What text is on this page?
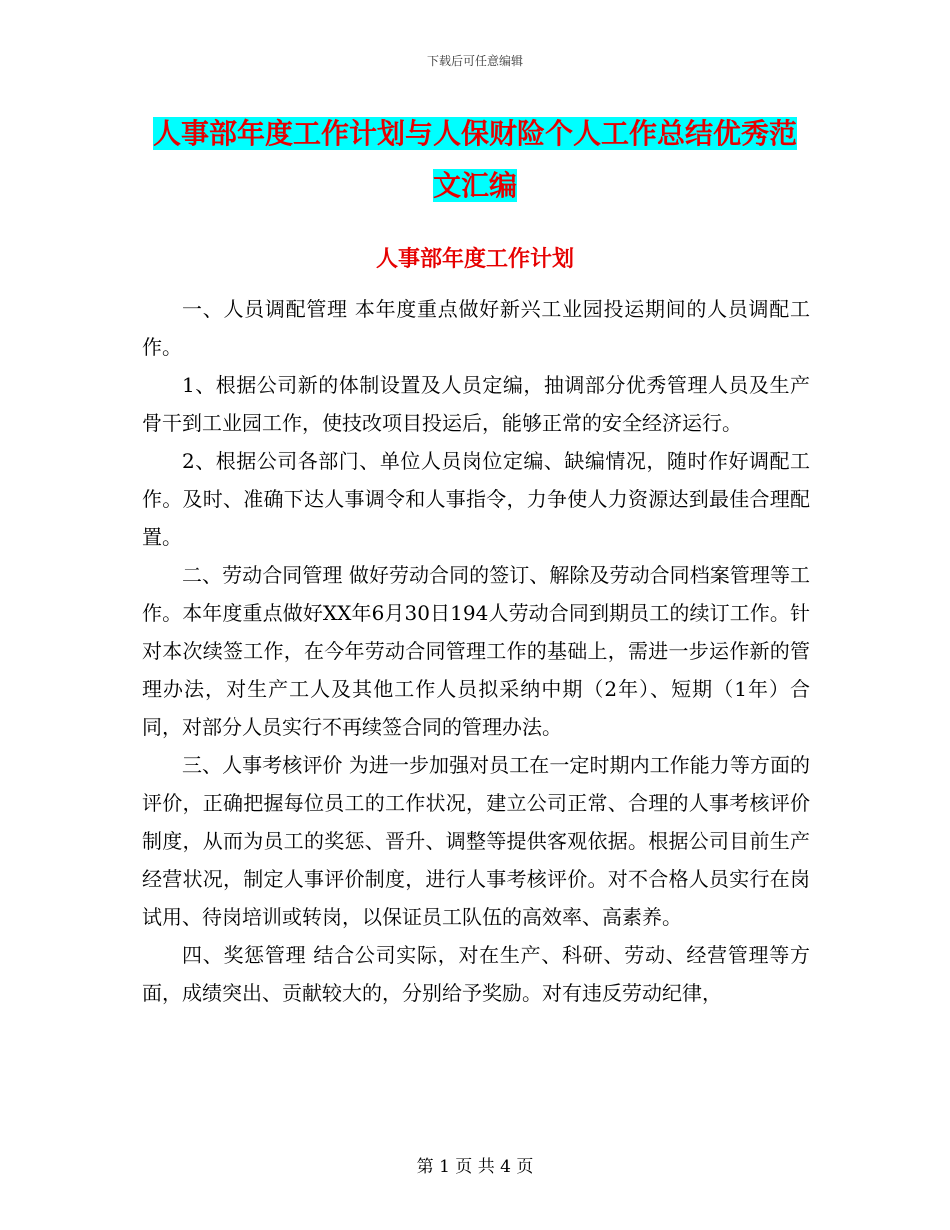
下载后可任意编辑
人事部年度工作计划与人保财险个人工作总结优秀范文汇编
人事部年度工作计划

一、人员调配管理 本年度重点做好新兴工业园投运期间的人员调配工作。

1、根据公司新的体制设置及人员定编，抽调部分优秀管理人员及生产骨干到工业园工作，使技改项目投运后，能够正常的安全经济运行。

2、根据公司各部门、单位人员岗位定编、缺编情况，随时作好调配工作。及时、准确下达人事调令和人事指令，力争使人力资源达到最佳合理配置。

二、劳动合同管理 做好劳动合同的签订、解除及劳动合同档案管理等工作。本年度重点做好XX年6月30日194人劳动合同到期员工的续订工作。针对本次续签工作，在今年劳动合同管理工作的基础上，需进一步运作新的管理办法，对生产工人及其他工作人员拟采纳中期（2年）、短期（1年）合同，对部分人员实行不再续签合同的管理办法。

三、人事考核评价 为进一步加强对员工在一定时期内工作能力等方面的评价，正确把握每位员工的工作状况，建立公司正常、合理的人事考核评价制度，从而为员工的奖惩、晋升、调整等提供客观依据。根据公司目前生产经营状况，制定人事评价制度，进行人事考核评价。对不合格人员实行在岗试用、待岗培训或转岗，以保证员工队伍的高效率、高素养。

四、奖惩管理 结合公司实际，对在生产、科研、劳动、经营管理等方面，成绩突出、贡献较大的，分别给予奖励。对有违反劳动纪律，

第 1 页 共 4 页
